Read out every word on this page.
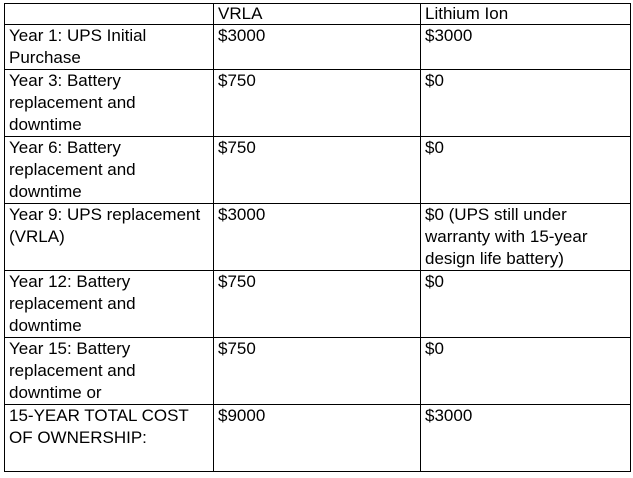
	VRLA	Lithium Ion
Year 1: UPS Initial Purchase	$3000	$3000
Year 3: Battery replacement and downtime	$750	$0
Year 6: Battery replacement and downtime	$750	$0
Year 9: UPS replacement (VRLA)	$3000	$0 (UPS still under warranty with 15-year design life battery)
Year 12: Battery replacement and downtime	$750	$0
Year 15: Battery replacement and downtime or	$750	$0
15-YEAR TOTAL COST OF OWNERSHIP:	$9000	$3000
